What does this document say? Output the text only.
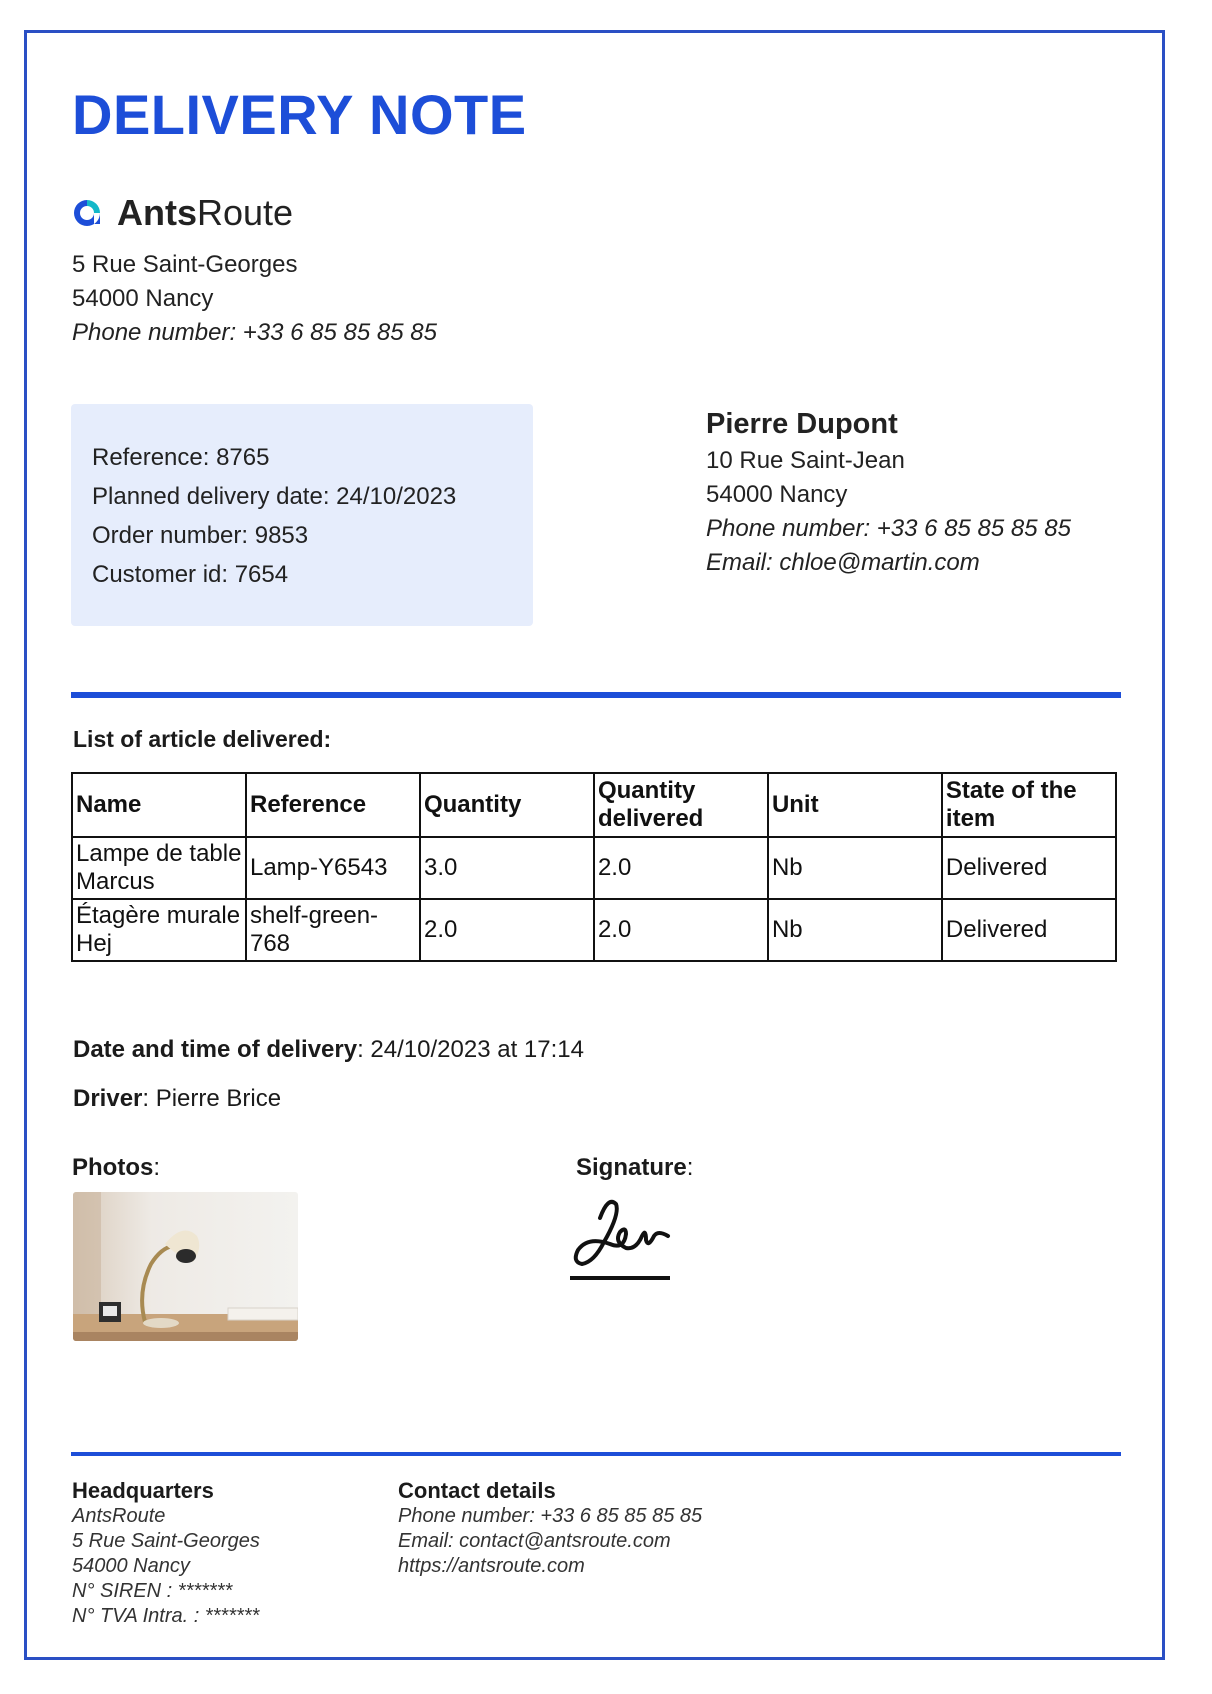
DELIVERY NOTE
AntsRoute
5 Rue Saint-Georges
54000 Nancy
Phone number: +33 6 85 85 85 85
Reference: 8765
Planned delivery date: 24/10/2023
Order number: 9853
Customer id: 7654
Pierre Dupont
10 Rue Saint-Jean
54000 Nancy
Phone number: +33 6 85 85 85 85
Email: chloe@martin.com
List of article delivered:
Name	Reference	Quantity	Quantity delivered	Unit	State of the item
Lampe de table Marcus	Lamp-Y6543	3.0	2.0	Nb	Delivered
Étagère murale Hej	shelf-green-768	2.0	2.0	Nb	Delivered
Date and time of delivery: 24/10/2023 at 17:14
Driver: Pierre Brice
Photos:	Signature:
Headquarters
AntsRoute
5 Rue Saint-Georges
54000 Nancy
N° SIREN : *******
N° TVA Intra. : *******
Contact details
Phone number: +33 6 85 85 85 85
Email: contact@antsroute.com
https://antsroute.com
